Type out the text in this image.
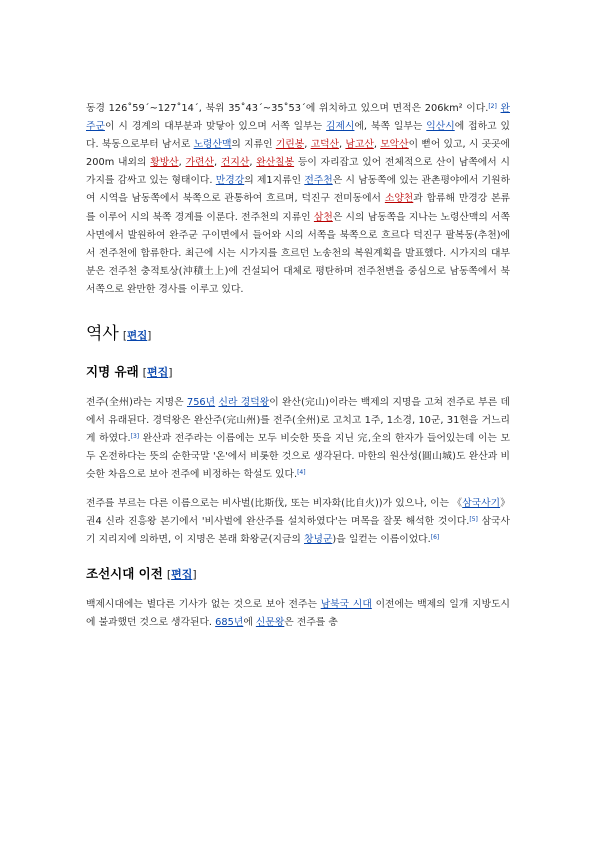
동경 126˚59´~127˚14´, 북위 35˚43´~35˚53´에 위치하고 있으며 면적은 206km² 이다.[2] 완주군이 시 경계의 대부분과 맞닿아 있으며 서쪽 일부는 김제시에, 북쪽 일부는 익산시에 접하고 있다. 북동으로부터 남서로 노령산맥의 지류인 기린봉, 고덕산, 남고산, 모악산이 뻗어 있고, 시 곳곳에 200m 내외의 황방산, 가련산, 건지산, 완산칠봉 등이 자리잡고 있어 전체적으로 산이 남쪽에서 시가지를 감싸고 있는 형태이다. 만경강의 제1지류인 전주천은 시 남동쪽에 있는 관촌평야에서 기원하여 시역을 남동쪽에서 북쪽으로 관통하여 흐르며, 덕진구 전미동에서 소양천과 합류해 만경강 본류를 이루어 시의 북쪽 경계를 이룬다. 전주천의 지류인 삼천은 시의 남동쪽을 지나는 노령산맥의 서쪽 사면에서 발원하여 완주군 구이면에서 들어와 시의 서쪽을 북쪽으로 흐르다 덕진구 팔복동(추천)에서 전주천에 합류한다. 최근에 시는 시가지를 흐르던 노송천의 복원계획을 발표했다. 시가지의 대부분은 전주천 충적토상(沖積土上)에 건설되어 대체로 평탄하며 전주천변을 중심으로 남동쪽에서 북서쪽으로 완만한 경사를 이루고 있다.

역사 [편집]
지명 유래 [편집]

전주(全州)라는 지명은 756년 신라 경덕왕이 완산(完山)이라는 백제의 지명을 고쳐 전주로 부른 데에서 유래된다. 경덕왕은 완산주(完山州)를 전주(全州)로 고치고 1주, 1소경, 10군, 31현을 거느리게 하였다.[3] 완산과 전주라는 이름에는 모두 비슷한 뜻을 지닌 完,全의 한자가 들어있는데 이는 모두 온전하다는 뜻의 순한국말 '온'에서 비롯한 것으로 생각된다. 마한의 원산성(圓山城)도 완산과 비슷한 차음으로 보아 전주에 비정하는 학설도 있다.[4]

전주를 부르는 다른 이름으로는 비사벌(比斯伐, 또는 비자화(比自火))가 있으나, 이는 《삼국사기》권4 신라 진흥왕 본기에서 '비사벌에 완산주를 설치하였다'는 며목을 잘못 해석한 것이다.[5] 삼국사기 지리지에 의하면, 이 지명은 본래 화왕군(지금의 창녕군)을 일컫는 이름이었다.[6]

조선시대 이전 [편집]

백제시대에는 별다른 기사가 없는 것으로 보아 전주는 남북국 시대 이전에는 백제의 일개 지방도시에 불과했던 것으로 생각된다. 685년에 신문왕은 전주를 총
